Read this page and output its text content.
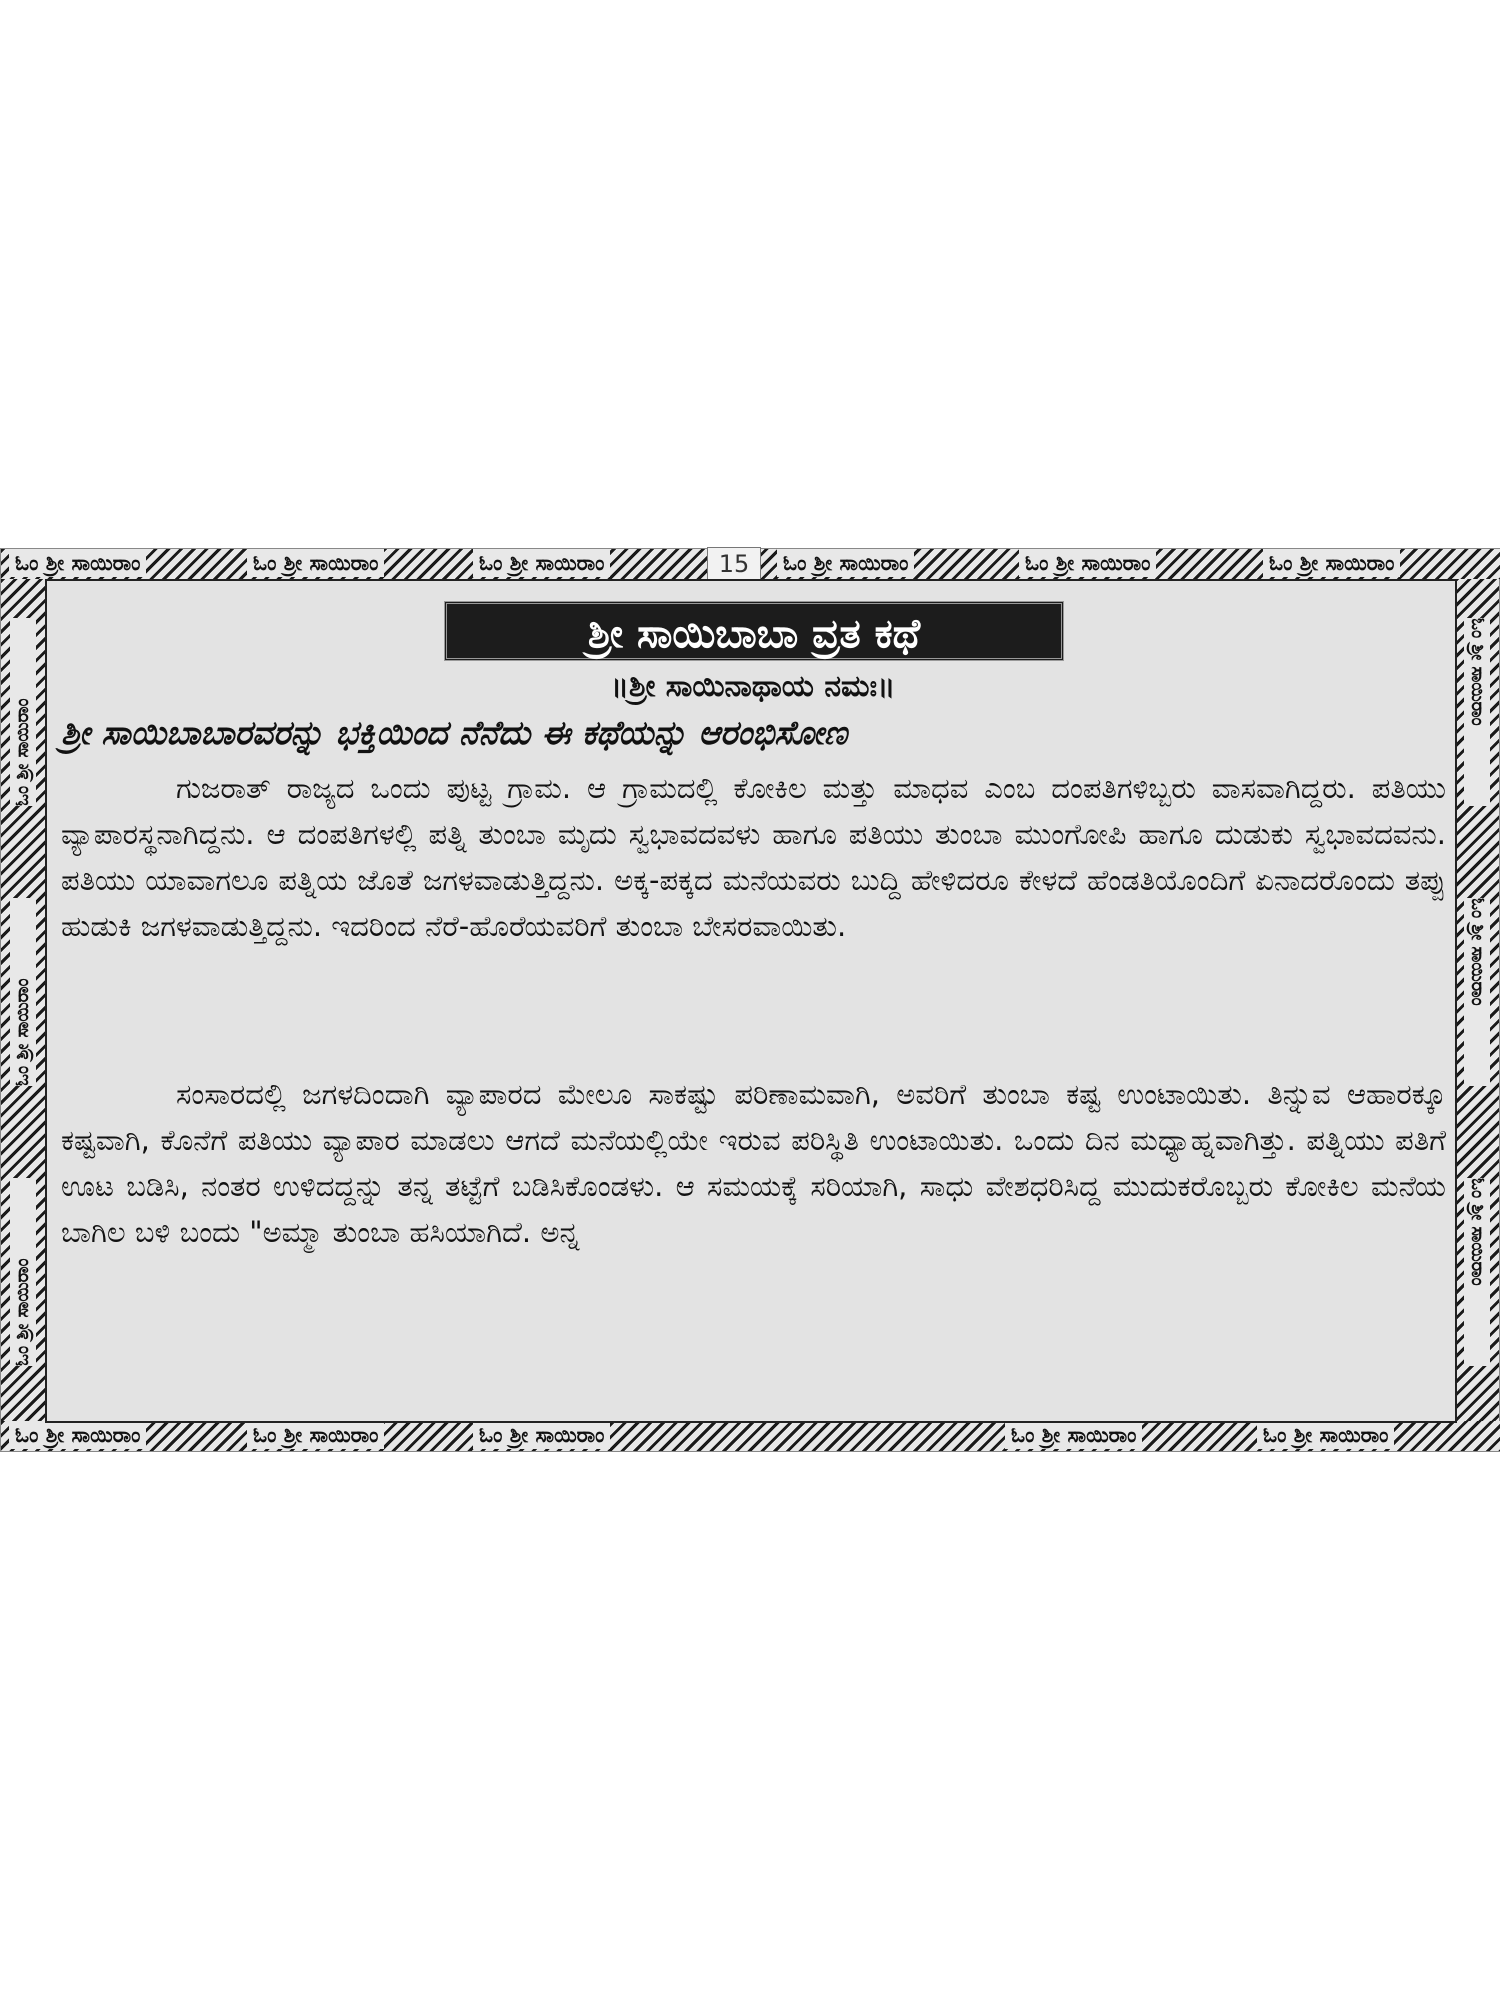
ಓಂ ಶ್ರೀ ಸಾಯಿರಾಂ	ಓಂ ಶ್ರೀ ಸಾಯಿರಾಂ	ಓಂ ಶ್ರೀ ಸಾಯಿರಾಂ	ಓಂ ಶ್ರೀ ಸಾಯಿರಾಂ	ಓಂ ಶ್ರೀ ಸಾಯಿರಾಂ	ಓಂ ಶ್ರೀ ಸಾಯಿರಾಂ
15
ಓಂ ಶ್ರೀ ಸಾಯಿರಾಂ
ಓಂ ಶ್ರೀ ಸಾಯಿರಾಂ
ಓಂ ಶ್ರೀ ಸಾಯಿರಾಂ
ಓಂ ಶ್ರೀ ಸಾಯಿರಾಂ
ಓಂ ಶ್ರೀ ಸಾಯಿರಾಂ
ಓಂ ಶ್ರೀ ಸಾಯಿರಾಂ
ಓಂ ಶ್ರೀ ಸಾಯಿರಾಂ	ಓಂ ಶ್ರೀ ಸಾಯಿರಾಂ	ಓಂ ಶ್ರೀ ಸಾಯಿರಾಂ	ಓಂ ಶ್ರೀ ಸಾಯಿರಾಂ	ಓಂ ಶ್ರೀ ಸಾಯಿರಾಂ
ಶ್ರೀ ಸಾಯಿಬಾಬಾ ವ್ರತ ಕಥೆ
॥ಶ್ರೀ ಸಾಯಿನಾಥಾಯ ನಮಃ॥
ಶ್ರೀ ಸಾಯಿಬಾಬಾರವರನ್ನು ಭಕ್ತಿಯಿಂದ ನೆನೆದು ಈ ಕಥೆಯನ್ನು ಆರಂಭಿಸೋಣ

ಗುಜರಾತ್ ರಾಜ್ಯದ ಒಂದು ಪುಟ್ಟ ಗ್ರಾಮ. ಆ ಗ್ರಾಮದಲ್ಲಿ ಕೋಕಿಲ ಮತ್ತು ಮಾಧವ ಎಂಬ ದಂಪತಿಗಳಿಬ್ಬರು ವಾಸವಾಗಿದ್ದರು. ಪತಿಯು ವ್ಯಾಪಾರಸ್ಥನಾಗಿದ್ದನು. ಆ ದಂಪತಿಗಳಲ್ಲಿ ಪತ್ನಿ ತುಂಬಾ ಮೃದು ಸ್ವಭಾವದವಳು ಹಾಗೂ ಪತಿಯು ತುಂಬಾ ಮುಂಗೋಪಿ ಹಾಗೂ ದುಡುಕು ಸ್ವಭಾವದವನು. ಪತಿಯು ಯಾವಾಗಲೂ ಪತ್ನಿಯ ಜೊತೆ ಜಗಳವಾಡುತ್ತಿದ್ದನು. ಅಕ್ಕ-ಪಕ್ಕದ ಮನೆಯವರು ಬುದ್ದಿ ಹೇಳಿದರೂ ಕೇಳದೆ ಹೆಂಡತಿಯೊಂದಿಗೆ ಏನಾದರೊಂದು ತಪ್ಪು ಹುಡುಕಿ ಜಗಳವಾಡುತ್ತಿದ್ದನು. ಇದರಿಂದ ನೆರೆ-ಹೊರೆಯವರಿಗೆ ತುಂಬಾ ಬೇಸರವಾಯಿತು.

ಸಂಸಾರದಲ್ಲಿ ಜಗಳದಿಂದಾಗಿ ವ್ಯಾಪಾರದ ಮೇಲೂ ಸಾಕಷ್ಟು ಪರಿಣಾಮವಾಗಿ, ಅವರಿಗೆ ತುಂಬಾ ಕಷ್ಟ ಉಂಟಾಯಿತು. ತಿನ್ನುವ ಆಹಾರಕ್ಕೂ ಕಷ್ಟವಾಗಿ, ಕೊನೆಗೆ ಪತಿಯು ವ್ಯಾಪಾರ ಮಾಡಲು ಆಗದೆ ಮನೆಯಲ್ಲಿಯೇ ಇರುವ ಪರಿಸ್ಥಿತಿ ಉಂಟಾಯಿತು. ಒಂದು ದಿನ ಮಧ್ಯಾಹ್ನವಾಗಿತ್ತು. ಪತ್ನಿಯು ಪತಿಗೆ ಊಟ ಬಡಿಸಿ, ನಂತರ ಉಳಿದದ್ದನ್ನು ತನ್ನ ತಟ್ಟೆಗೆ ಬಡಿಸಿಕೊಂಡಳು. ಆ ಸಮಯಕ್ಕೆ ಸರಿಯಾಗಿ, ಸಾಧು ವೇಶಧರಿಸಿದ್ದ ಮುದುಕರೊಬ್ಬರು ಕೋಕಿಲ ಮನೆಯ ಬಾಗಿಲ ಬಳಿ ಬಂದು "ಅಮ್ಮಾ ತುಂಬಾ ಹಸಿಯಾಗಿದೆ. ಅನ್ನ
